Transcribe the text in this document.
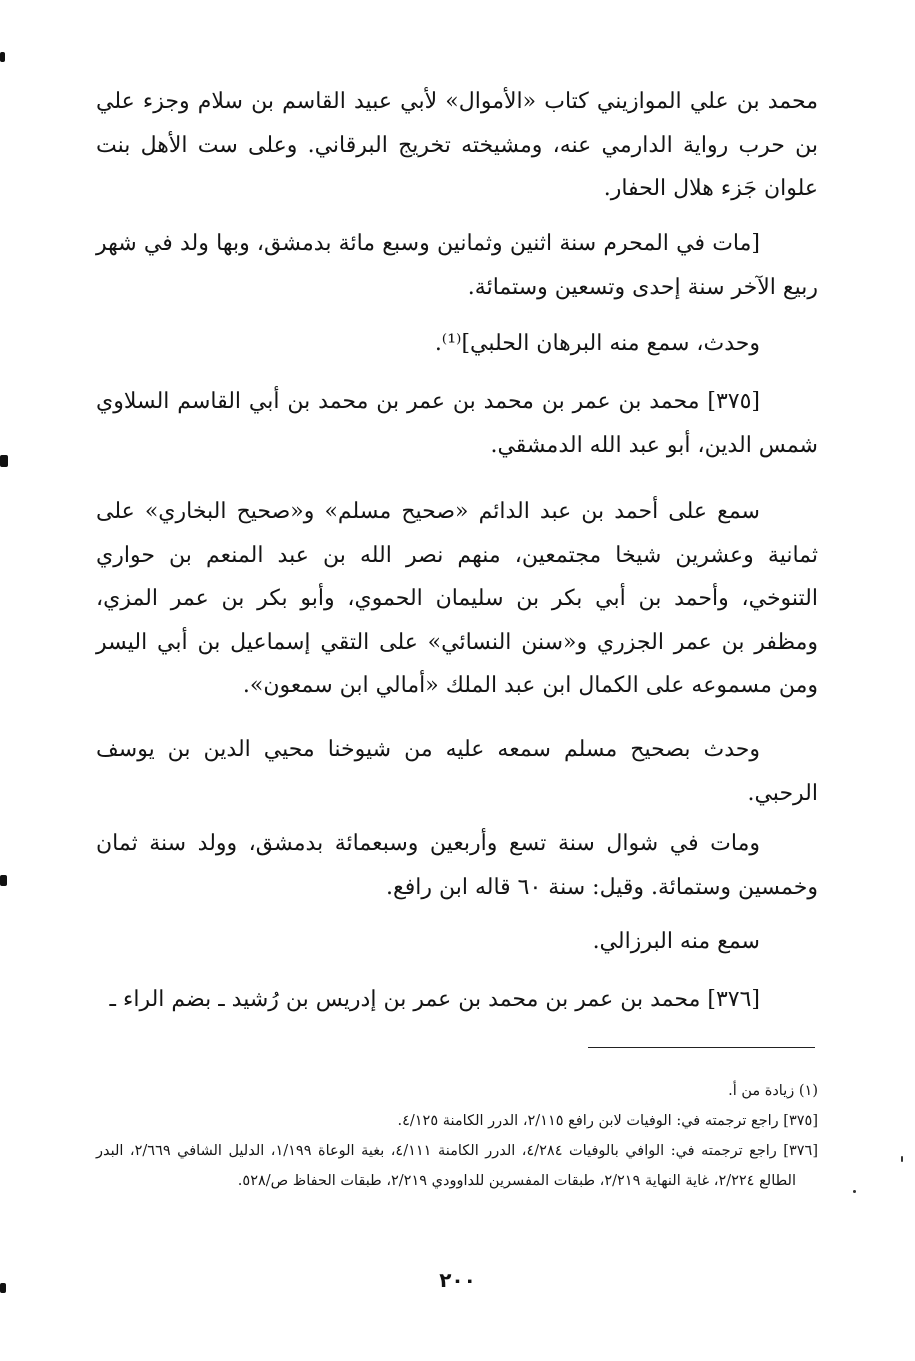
محمد بن علي الموازيني كتاب «الأموال» لأبي عبيد القاسم بن سلام وجزء علي بن حرب رواية الدارمي عنه، ومشيخته تخريج البرقاني. وعلى ست الأهل بنت علوان جَزء هلال الحفار.

[مات في المحرم سنة اثنين وثمانين وسبع مائة بدمشق، وبها ولد في شهر ربيع الآخر سنة إحدى وتسعين وستمائة.

وحدث، سمع منه البرهان الحلبي]⁽¹⁾.

[٣٧٥] محمد بن عمر بن محمد بن عمر بن محمد بن أبي القاسم السلاوي شمس الدين، أبو عبد الله الدمشقي.

سمع على أحمد بن عبد الدائم «صحيح مسلم» و«صحيح البخاري» على ثمانية وعشرين شيخا مجتمعين، منهم نصر الله بن عبد المنعم بن حواري التنوخي، وأحمد بن أبي بكر بن سليمان الحموي، وأبو بكر بن عمر المزي، ومظفر بن عمر الجزري و«سنن النسائي» على التقي إسماعيل بن أبي اليسر ومن مسموعه على الكمال ابن عبد الملك «أمالي ابن سمعون».

وحدث بصحيح مسلم سمعه عليه من شيوخنا محيي الدين بن يوسف الرحبي.

ومات في شوال سنة تسع وأربعين وسبعمائة بدمشق، وولد سنة ثمان وخمسين وستمائة. وقيل: سنة ٦٠ قاله ابن رافع.

سمع منه البرزالي.

[٣٧٦] محمد بن عمر بن محمد بن عمر بن إدريس بن رُشيد ـ بضم الراء ـ

(١) زيادة من أ.

[٣٧٥] راجع ترجمته في: الوفيات لابن رافع ٢/١١٥، الدرر الكامنة ٤/١٢٥.

[٣٧٦] راجع ترجمته في: الوافي بالوفيات ٤/٢٨٤، الدرر الكامنة ٤/١١١، بغية الوعاة ١/١٩٩، الدليل الشافي ٢/٦٦٩، البدر الطالع ٢/٢٢٤، غاية النهاية ٢/٢١٩، طبقات المفسرين للداوودي ٢/٢١٩، طبقات الحفاظ ص/٥٢٨.

٢٠٠
